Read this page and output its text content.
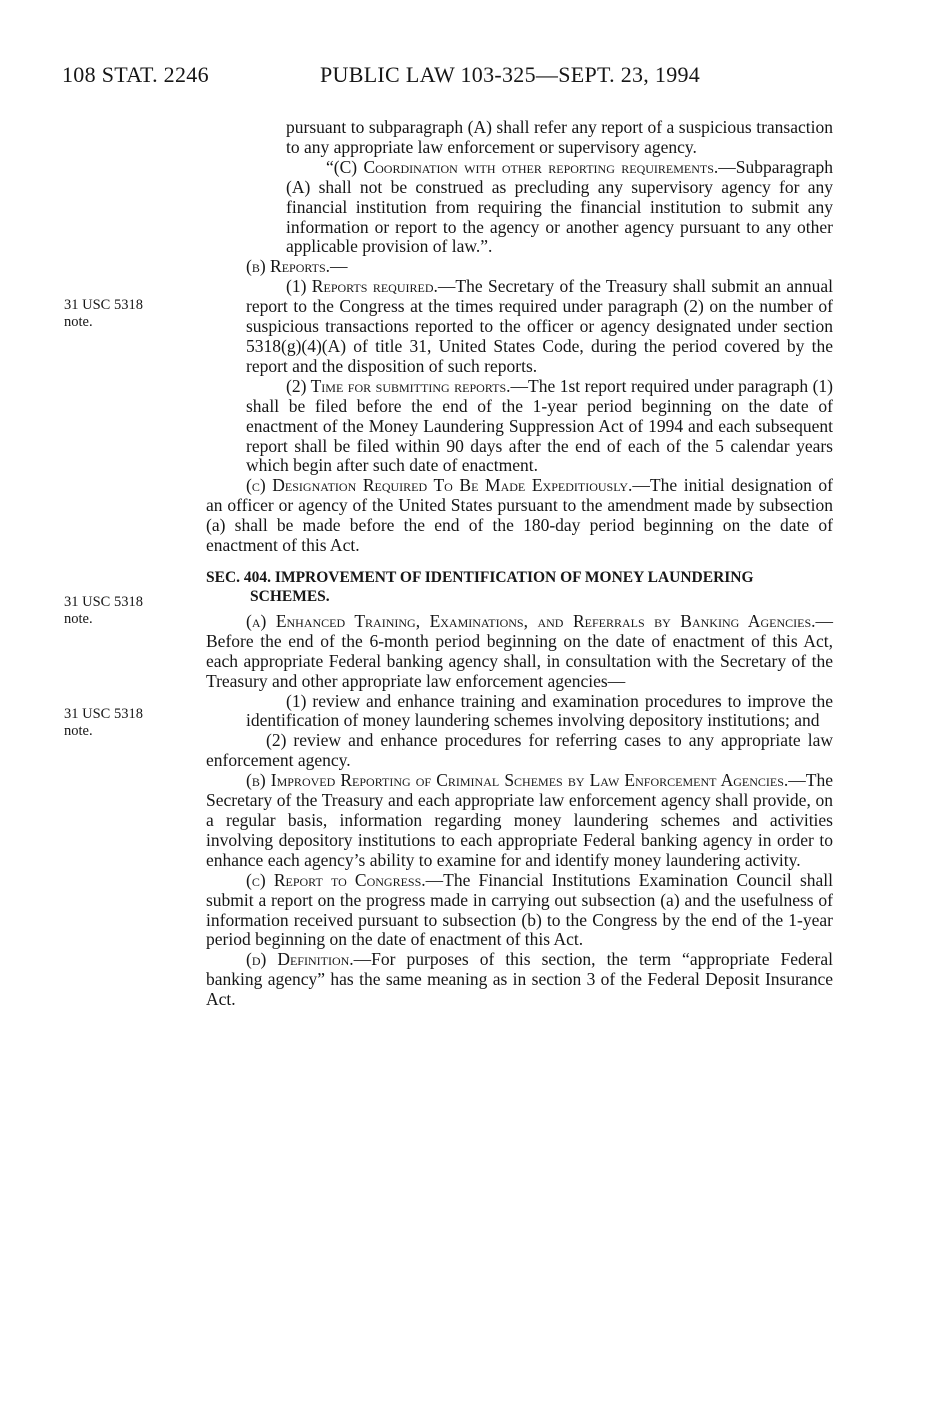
108 STAT. 2246	PUBLIC LAW 103-325—SEPT. 23, 1994
31 USC 5318
note.
31 USC 5318
note.
31 USC 5318
note.

pursuant to subparagraph (A) shall refer any report of a suspicious transaction to any appropriate law enforcement or supervisory agency.

“(C) Coordination with other reporting requirements.—Subparagraph (A) shall not be construed as precluding any supervisory agency for any financial institution from requiring the financial institution to submit any information or report to the agency or another agency pursuant to any other applicable provision of law.”.

(b) Reports.—

(1) Reports required.—The Secretary of the Treasury shall submit an annual report to the Congress at the times required under paragraph (2) on the number of suspicious transactions reported to the officer or agency designated under section 5318(g)(4)(A) of title 31, United States Code, during the period covered by the report and the disposition of such reports.

(2) Time for submitting reports.—The 1st report required under paragraph (1) shall be filed before the end of the 1-year period beginning on the date of enactment of the Money Laundering Suppression Act of 1994 and each subsequent report shall be filed within 90 days after the end of each of the 5 calendar years which begin after such date of enactment.

(c) Designation Required To Be Made Expeditiously.—The initial designation of an officer or agency of the United States pursuant to the amendment made by subsection (a) shall be made before the end of the 180-day period beginning on the date of enactment of this Act.

SEC. 404. IMPROVEMENT OF IDENTIFICATION OF MONEY LAUNDERING SCHEMES.

(a) Enhanced Training, Examinations, and Referrals by Banking Agencies.—Before the end of the 6-month period beginning on the date of enactment of this Act, each appropriate Federal banking agency shall, in consultation with the Secretary of the Treasury and other appropriate law enforcement agencies—

(1) review and enhance training and examination procedures to improve the identification of money laundering schemes involving depository institutions; and

(2) review and enhance procedures for referring cases to any appropriate law enforcement agency.

(b) Improved Reporting of Criminal Schemes by Law Enforcement Agencies.—The Secretary of the Treasury and each appropriate law enforcement agency shall provide, on a regular basis, information regarding money laundering schemes and activities involving depository institutions to each appropriate Federal banking agency in order to enhance each agency’s ability to examine for and identify money laundering activity.

(c) Report to Congress.—The Financial Institutions Examination Council shall submit a report on the progress made in carrying out subsection (a) and the usefulness of information received pursuant to subsection (b) to the Congress by the end of the 1-year period beginning on the date of enactment of this Act.

(d) Definition.—For purposes of this section, the term “appropriate Federal banking agency” has the same meaning as in section 3 of the Federal Deposit Insurance Act.
